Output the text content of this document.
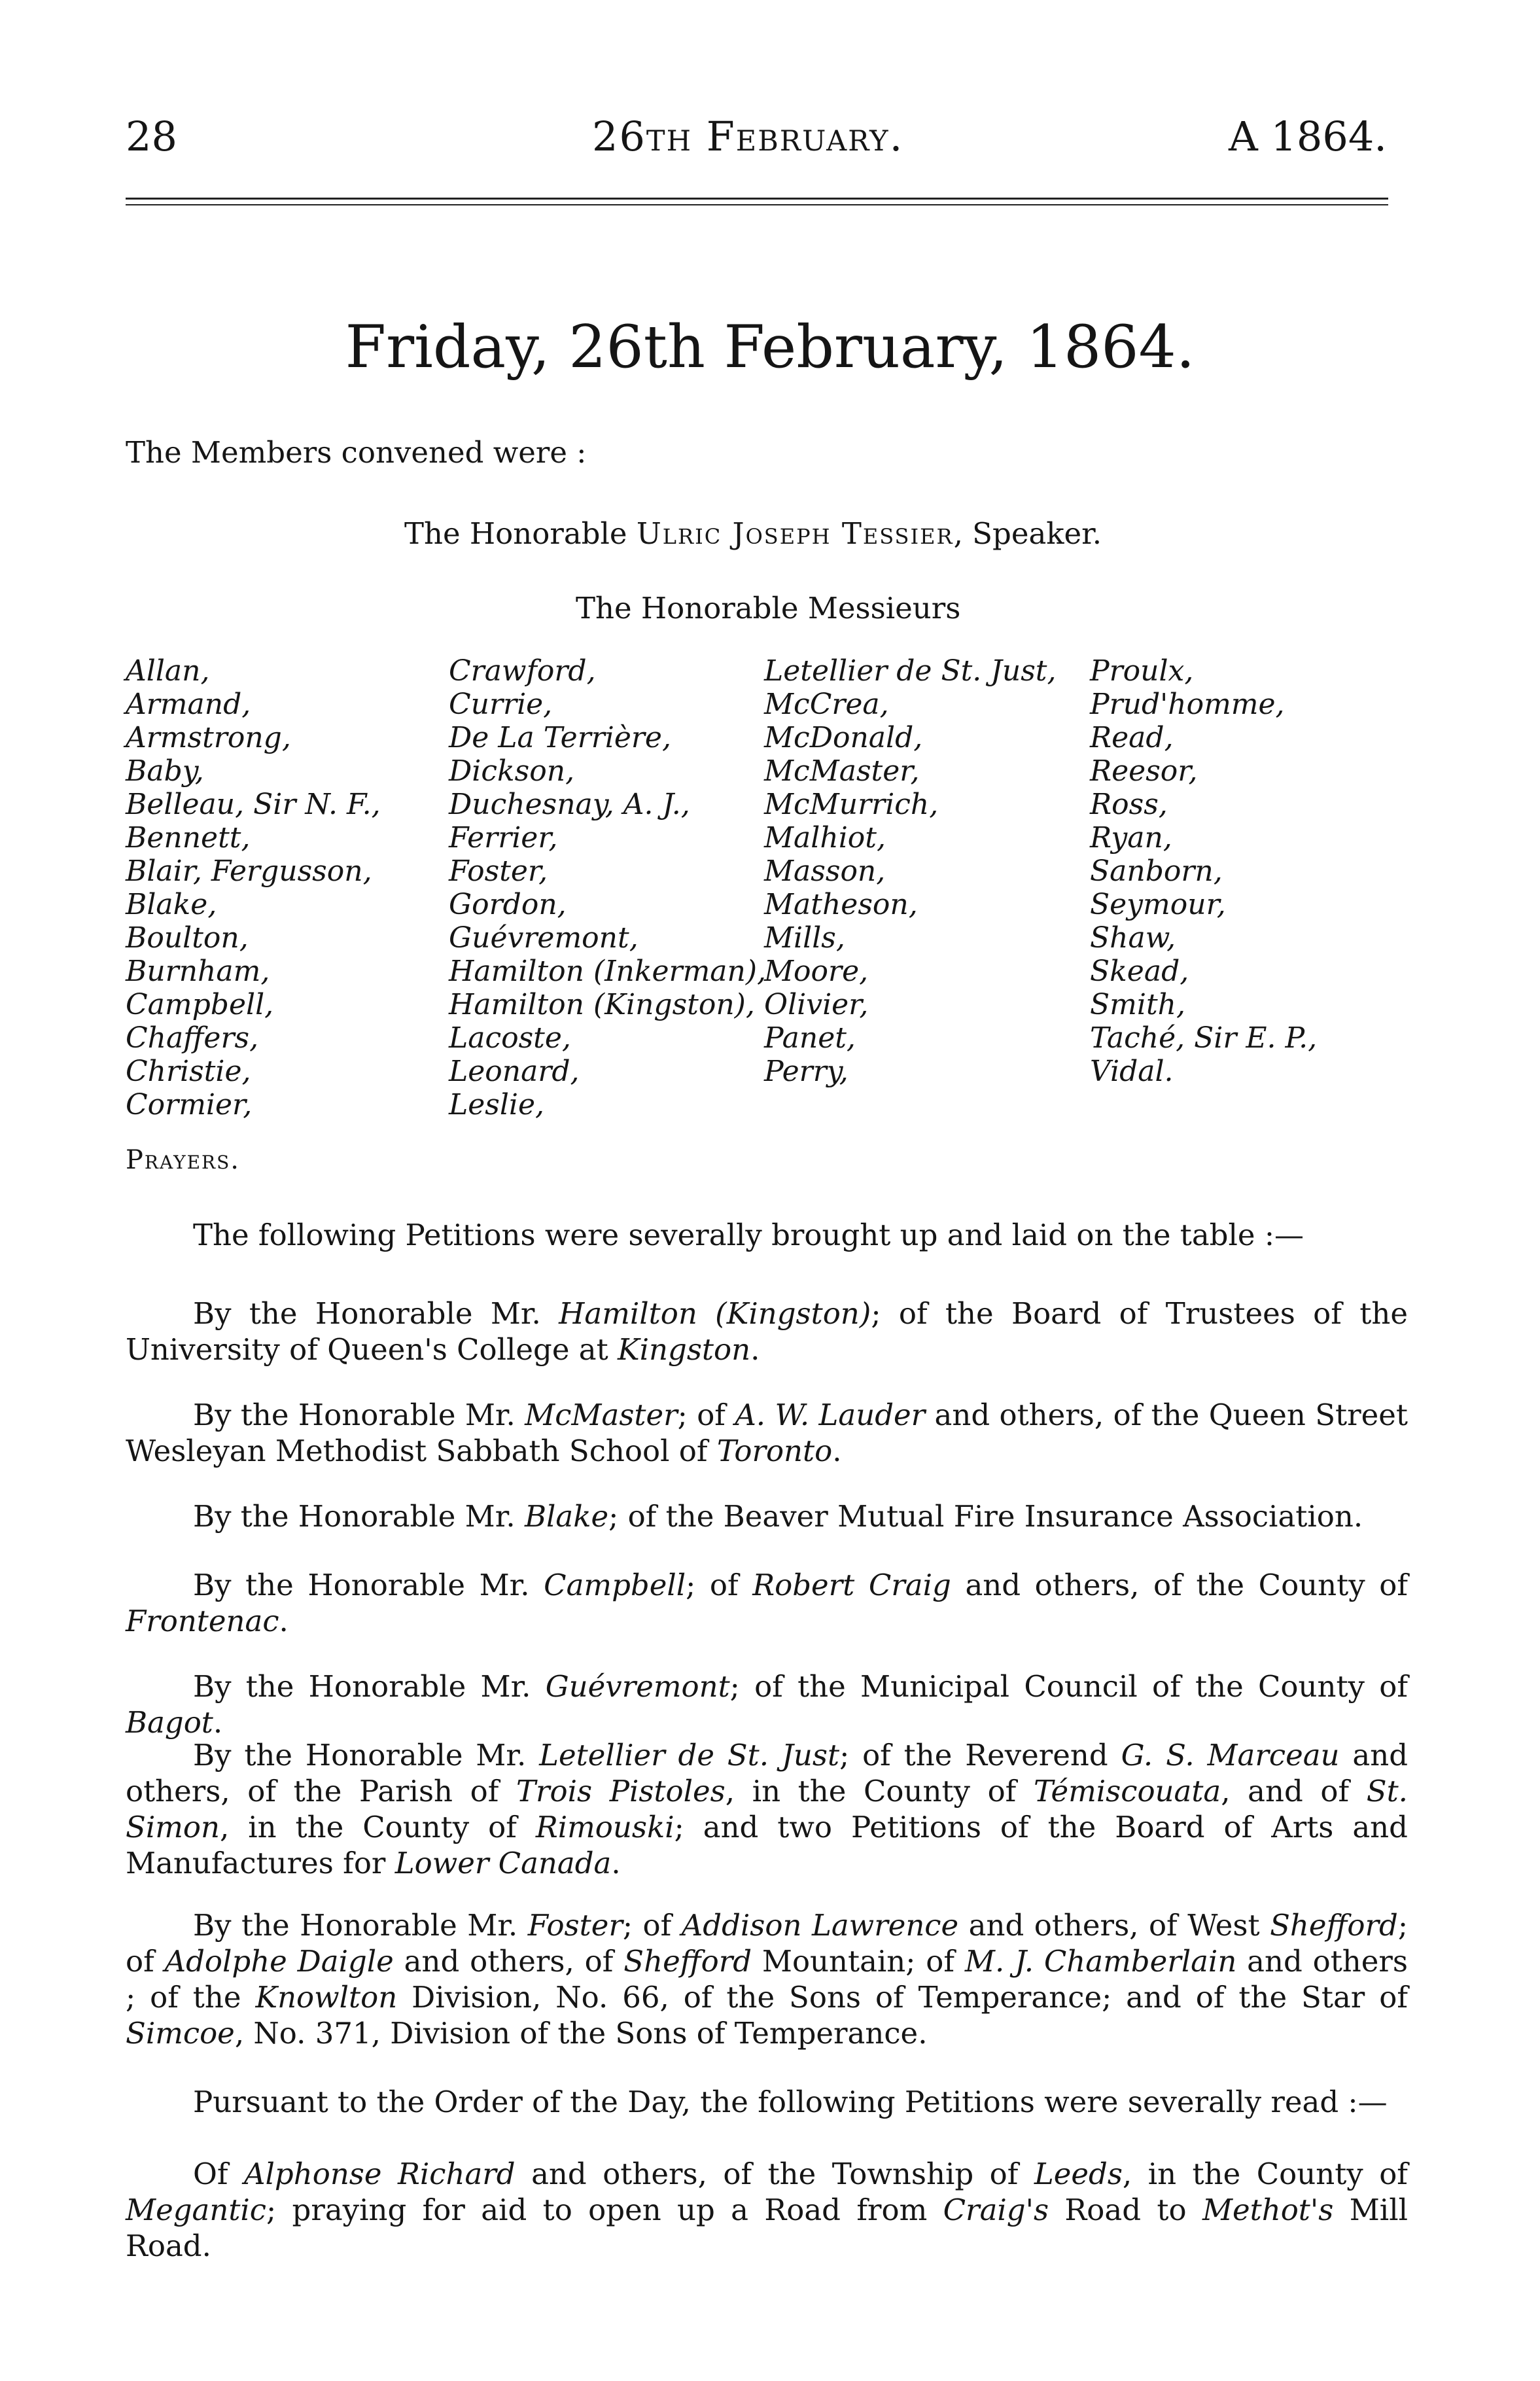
28	26th February.	A 1864.
Friday, 26th February, 1864.
The Members convened were :
The Honorable Ulric Joseph Tessier, Speaker.
The Honorable Messieurs
Allan,
Armand,
Armstrong,
Baby,
Belleau, Sir N. F.,
Bennett,
Blair, Fergusson,
Blake,
Boulton,
Burnham,
Campbell,
Chaffers,
Christie,
Cormier,
Crawford,
Currie,
De La Terrière,
Dickson,
Duchesnay, A. J.,
Ferrier,
Foster,
Gordon,
Guévremont,
Hamilton (Inkerman),
Hamilton (Kingston),
Lacoste,
Leonard,
Leslie,
Letellier de St. Just,
McCrea,
McDonald,
McMaster,
McMurrich,
Malhiot,
Masson,
Matheson,
Mills,
Moore,
Olivier,
Panet,
Perry,
Proulx,
Prud'homme,
Read,
Reesor,
Ross,
Ryan,
Sanborn,
Seymour,
Shaw,
Skead,
Smith,
Taché, Sir E. P.,
Vidal.
Prayers.
The following Petitions were severally brought up and laid on the table :—
By the Honorable Mr. Hamilton (Kingston); of the Board of Trustees of the University of Queen's College at Kingston.
By the Honorable Mr. McMaster; of A. W. Lauder and others, of the Queen Street Wesleyan Methodist Sabbath School of Toronto.
By the Honorable Mr. Blake; of the Beaver Mutual Fire Insurance Association.
By the Honorable Mr. Campbell; of Robert Craig and others, of the County of Frontenac.
By the Honorable Mr. Guévremont; of the Municipal Council of the County of Bagot.
By the Honorable Mr. Letellier de St. Just; of the Reverend G. S. Marceau and others, of the Parish of Trois Pistoles, in the County of Témiscouata, and of St. Simon, in the County of Rimouski; and two Petitions of the Board of Arts and Manufactures for Lower Canada.
By the Honorable Mr. Foster; of Addison Lawrence and others, of West Shefford; of Adolphe Daigle and others, of Shefford Mountain; of M. J. Chamberlain and others ; of the Knowlton Division, No. 66, of the Sons of Temperance; and of the Star of Simcoe, No. 371, Division of the Sons of Temperance.
Pursuant to the Order of the Day, the following Petitions were severally read :—
Of Alphonse Richard and others, of the Township of Leeds, in the County of Megantic; praying for aid to open up a Road from Craig's Road to Methot's Mill Road.
